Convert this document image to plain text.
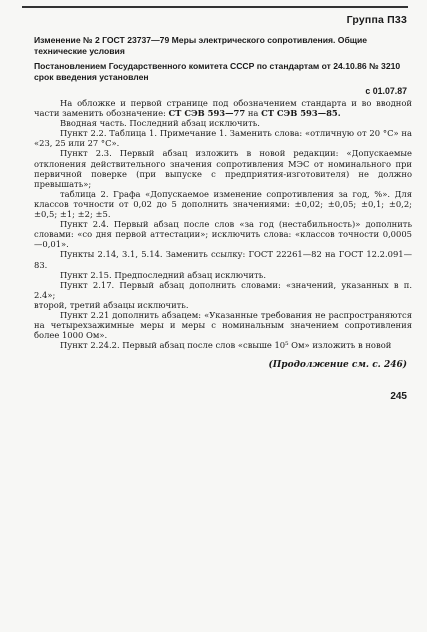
Группа П33
Изменение № 2 ГОСТ 23737—79 Меры электрического сопротивления. Общие технические условия
Постановлением Государственного комитета СССР по стандартам от 24.10.86 № 3210 срок введения установлен
с 01.07.87

На обложке и первой странице под обозначением стандарта и во вводной части заменить обозначение: СТ СЭВ 593—77 на СТ СЭВ 593—85.

Вводная часть. Последний абзац исключить.

Пункт 2.2. Таблица 1. Примечание 1. Заменить слова: «отличную от 20 °С» на «23, 25 или 27 °С».

Пункт 2.3. Первый абзац изложить в новой редакции: «Допускаемые отклонения действительного значения сопротивления МЭС от номинального при первичной поверке (при выпуске с предприятия-изготовителя) не должно превышать»;

таблица 2. Графа «Допускаемое изменение сопротивления за год, %». Для классов точности от 0,02 до 5 дополнить значениями: ±0,02; ±0,05; ±0,1; ±0,2; ±0,5; ±1; ±2; ±5.

Пункт 2.4. Первый абзац после слов «за год (нестабильность)» дополнить словами: «со дня первой аттестации»; исключить слова: «классов точности 0,0005—0,01».

Пункты 2.14, 3.1, 5.14. Заменить ссылку: ГОСТ 22261—82 на ГОСТ 12.2.091—83.

Пункт 2.15. Предпоследний абзац исключить.

Пункт 2.17. Первый абзац дополнить словами: «значений, указанных в п. 2.4»;

второй, третий абзацы исключить.

Пункт 2.21 дополнить абзацем: «Указанные требования не распространяются на четырехзажимные меры и меры с номинальным значением сопротивления более 1000 Ом».

Пункт 2.24.2. Первый абзац после слов «свыше 10⁵ Ом» изложить в новой

(Продолжение см. с. 246)
245
